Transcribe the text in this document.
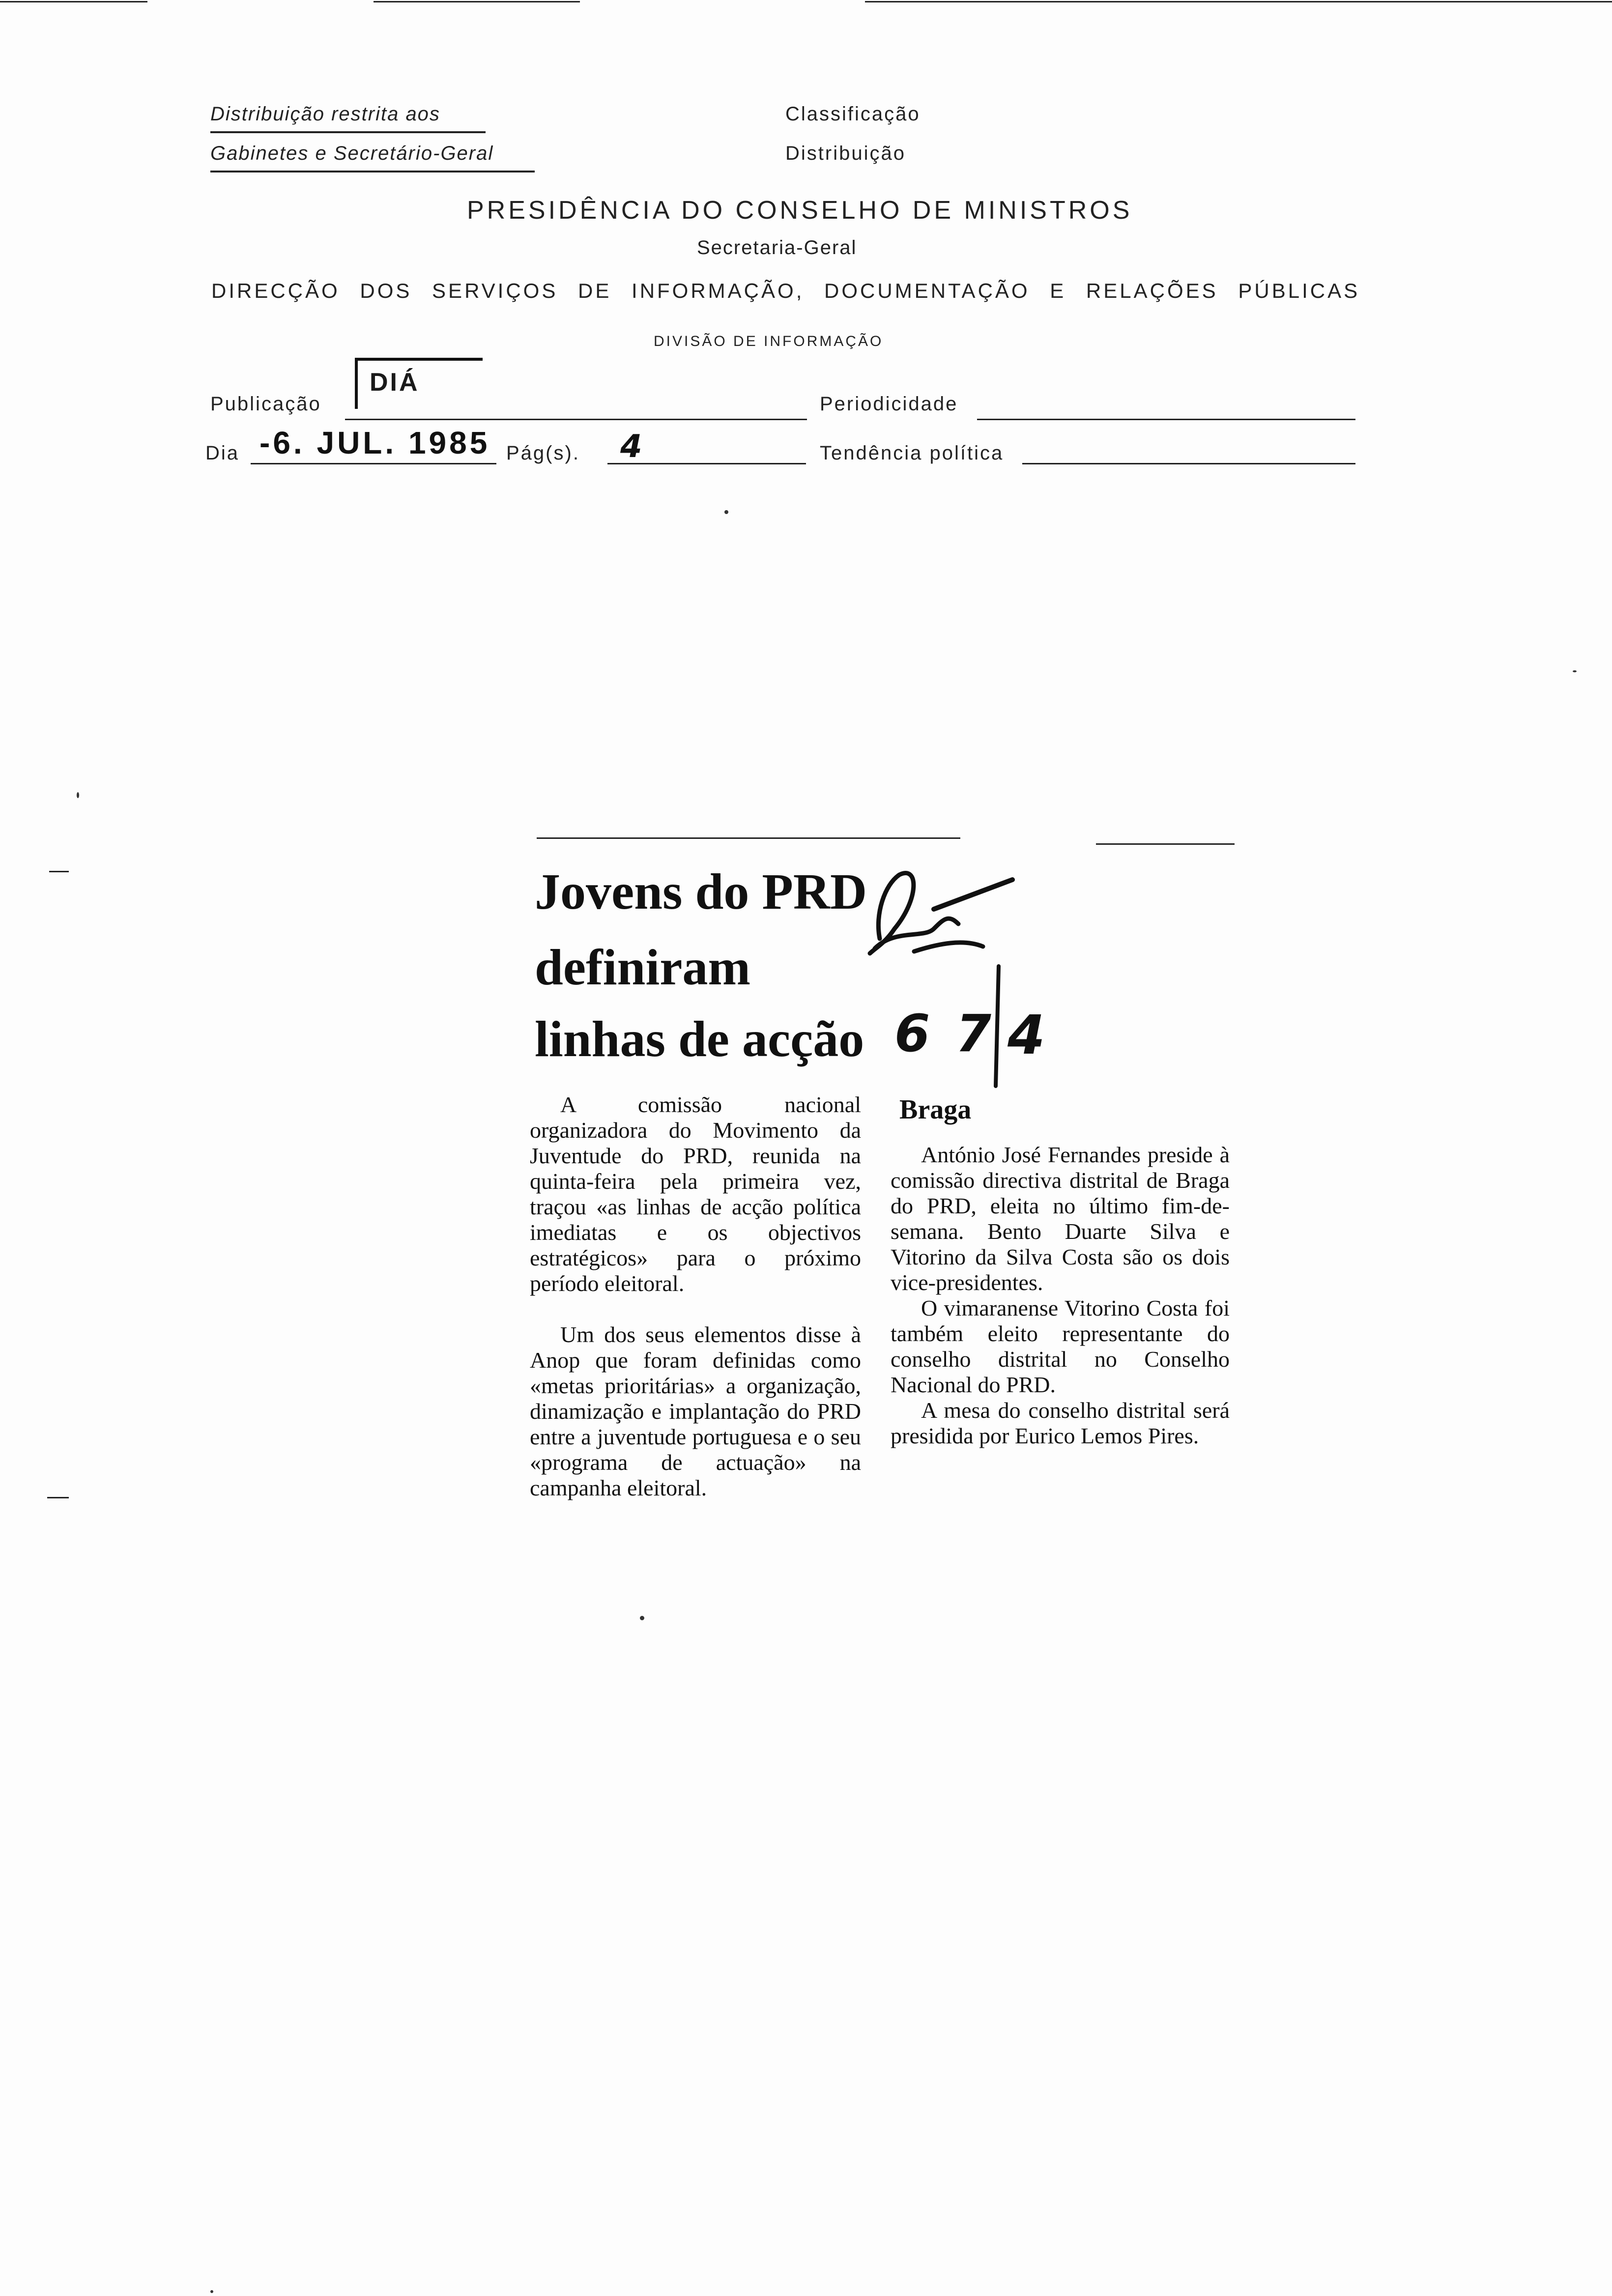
Distribuição restrita aos
Gabinetes e Secretário-Geral
Classificação
Distribuição
PRESIDÊNCIA DO CONSELHO DE MINISTROS
Secretaria-Geral
DIRECÇÃO DOS SERVIÇOS DE INFORMAÇÃO, DOCUMENTAÇÃO E RELAÇÕES PÚBLICAS
DIVISÃO DE INFORMAÇÃO
Publicação
DIÁ
Periodicidade
Dia -6. JUL. 1985 Pág(s). 4	Tendência política
Jovens do PRD
definiram
linhas de acção

A comissão nacional organizadora do Movimento da Juventude do PRD, reunida na quinta-feira pela primeira vez, traçou «as linhas de acção política imediatas e os objectivos estratégicos» para o próximo período eleitoral.

Um dos seus elementos disse à Anop que foram definidas como «metas prioritárias» a organização, dinamização e implantação do PRD entre a juventude portuguesa e o seu «programa de actuação» na campanha eleitoral.

Braga

António José Fernandes preside à comissão directiva distrital de Braga do PRD, eleita no último fim-de-semana. Bento Duarte Silva e Vitorino da Silva Costa são os dois vice-presidentes.

O vimaranense Vitorino Costa foi também eleito representante do conselho distrital no Conselho Nacional do PRD.

A mesa do conselho distrital será presidida por Eurico Lemos Pires.

6 7 4
